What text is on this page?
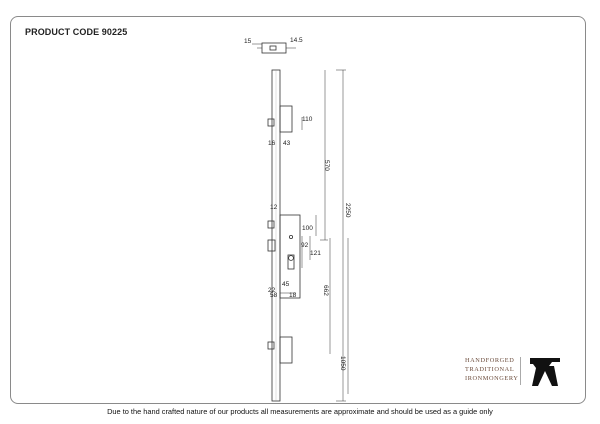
PRODUCT CODE 90225
15	14.5
110
16 43
570
2250
12
100
92
121
22
58
45
18	662
1050	HANDFORGED
TRADITIONAL
IRONMONGERY
Due to the hand crafted nature of our products all measurements are approximate and should be used as a guide only
